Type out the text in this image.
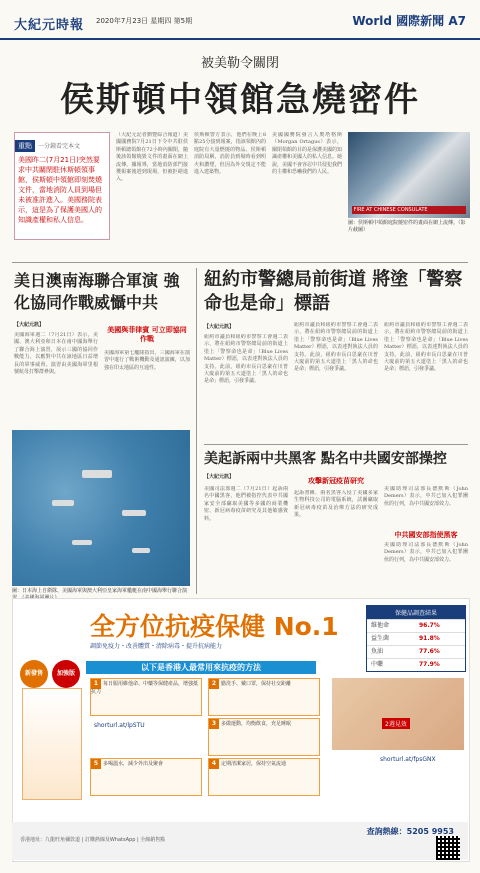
大紀元時報 2020年7月23日 星期四 第5期	World 國際新聞 A7
被美勒令關閉
侯斯頓中領館急燒密件
重點 一分鐘看完本文
美國昨二(7月21日)突然要求中共關閉駐休斯頓領事館，侯斯頓中領館即刻焚燒文件，當地消防人員到場但未被准許進入。美國務院表示，這是為了保護美國人的知識產權和私人信息。
（大紀元記者劉豐綜合報道）美國國務院7月21日下令中共駐侯斯頓總領館在72小時內關閉，隨後該領館燒毀文件的畫面在網上流傳。據報導，當地消防部門接獲報案後趕到現場，但被拒絕進入。
侯斯頓警方表示，他們在晚上8點25分接到報案，指該領館內的庭院有大量燃燒的物品。侯斯頓消防局稱，消防員到場時看到明火和濃煙，但因為外交規定不能進入建築物。
美國國務院發言人奧塔格斯（Morgan Ortagus）表示，關閉領館的目的是保護美國的知識產權和美國人的私人信息。她說，美國不會容忍中共侵犯我們的主權和恐嚇我們的人民。
FIRE AT CHINESE CONSULATE
圖：侯斯頓中領館庭院燒密件的畫面在網上流傳。（影片截圖）
美日澳南海聯合軍演 強化協同作戰威懾中共
【大紀元訊】
美國海軍週二（7月21日）表示，美國、澳大利亞和日本在南中國海舉行了聯合海上演習，展示三國的協同作戰能力，以應對中共在該地區日益增長的軍事威脅。演習由美國海軍里根號航母打擊群參與。
美國與菲律賓 可立即協同作戰
美國海軍第七艦隊指出，三國海軍在演習中進行了戰術機動及通訊演練，以加強在印太地區的互通性。
圖：日本海上自衛隊、美國海軍與澳大利亞皇家海軍艦艇在南中國海舉行聯合演
紐約市警總局前街道 將塗「警察命也是命」標語
【大紀元訊】
紐約市議員和紐約市警察工會週二表示，將在紐約市警察總局前的街道上塗上「警察命也是命」（Blue Lives Matter）標語，以表達對執法人員的支持。此前，紐約市長白思豪在川普大廈前的第五大道塗上「黑人的命也是命」標語，引發爭議。
紐約市議員和紐約市警察工會週二表示，將在紐約市警察總局前的街道上塗上「警察命也是命」（Blue Lives Matter）標語，以表達對執法人員的支持。此前，紐約市長白思豪在川普大廈前的第五大道塗上「黑人的命也是命」標語，引發爭議。
紐約市議員和紐約市警察工會週二表示，將在紐約市警察總局前的街道上塗上「警察命也是命」（Blue Lives Matter）標語，以表達對執法人員的支持。此前，紐約市長白思豪在川普大廈前的第五大道塗上「黑人的命也是命」標語，引發爭議。
美起訴兩中共黑客 點名中共國安部操控
【大紀元訊】
美國司法部週二（7月21日）起訴兩名中國黑客，他們被指控代表中共國家安全部竊取美國等多國的商業機密、新冠病毒疫苗研究及其他敏感資料。
攻擊新冠疫苗研究
起訴書稱，兩名黑客入侵了美國多家生物科技公司的電腦系統，試圖竊取新冠病毒疫苗及治療方法的研究成果。
中共國安部指使黑客
美國助理司法部長德默斯（John Demers）表示，中共已加入犯罪團伙的行列，為中共國安部效力。
美國助理司法部長德默斯（John Demers）表示，中共已加入犯罪團伙的行列，為中共國安部效力。
全方位抗疫保健 No.1
調節免疫力・改善體質・清除病毒・提升抗病能力
以下是香港人最常用來抗疫的方法
新發售	加強版
1 每日服用維他命、中藥等保健產品，增強抵抗力
2 勤洗手、戴口罩，保持社交距離
3 多做運動，均衡飲食，充足睡眠
4 定期清潔家居，保持空氣流通
5 多喝溫水，減少外出及聚會
shorturl.at/lpSTU
保健品調查結果
維他命	96.7%
益生菌	91.8%
魚油	77.6%
中藥	77.9%
2週見效
shorturl.at/fpsGNX
香港地址：九龍旺角彌敦道 | 訂購熱線及WhatsApp | 全線銷售點
查詢熱線：5205 9953
